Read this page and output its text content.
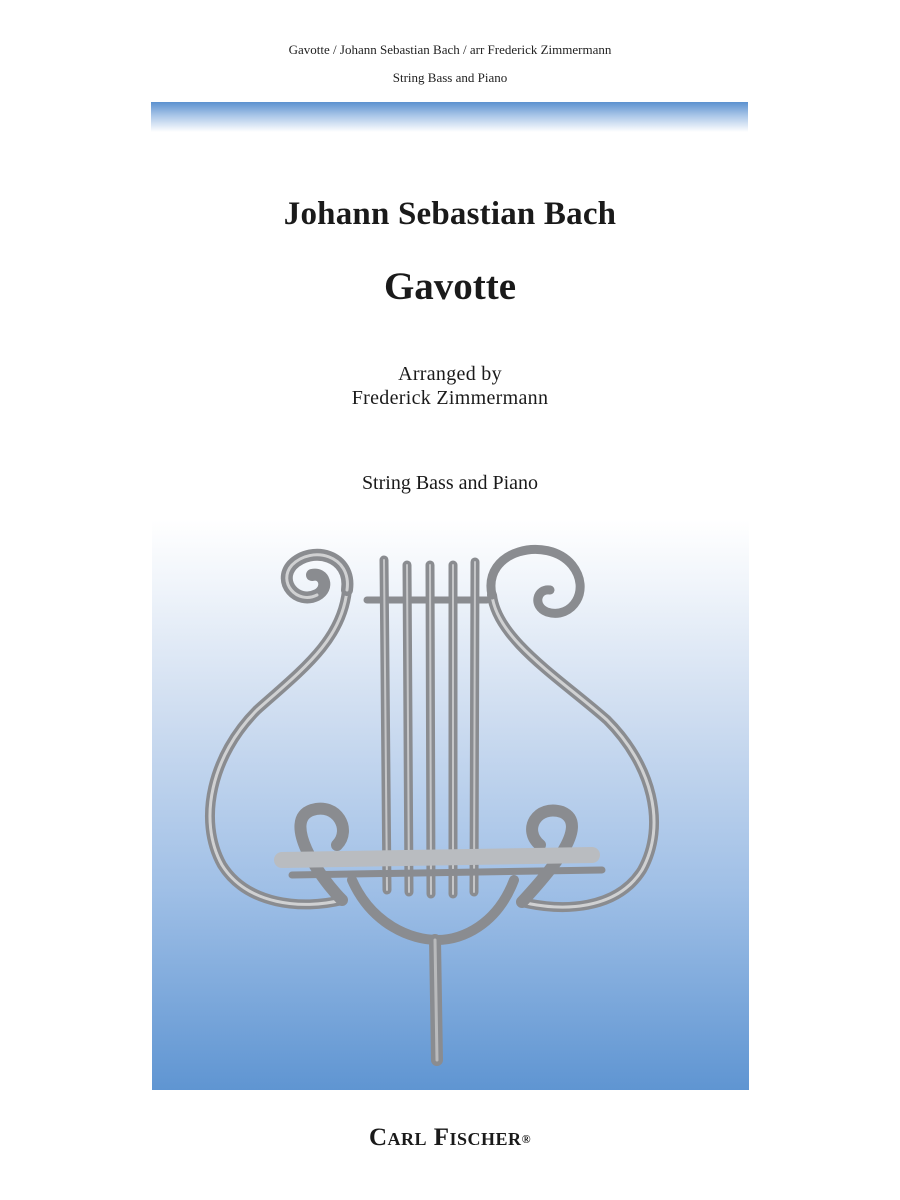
Gavotte / Johann Sebastian Bach / arr Frederick Zimmermann
String Bass and Piano
Johann Sebastian Bach
Gavotte
Arranged by
Frederick Zimmermann
String Bass and Piano
Carl Fischer®
